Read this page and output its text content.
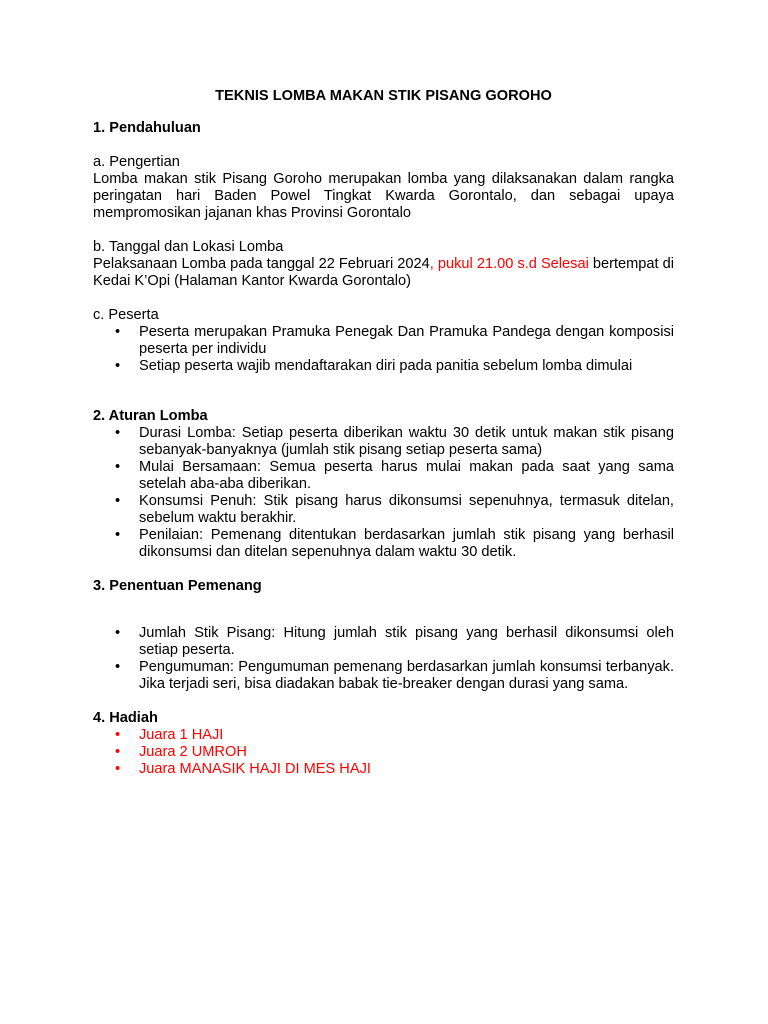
TEKNIS LOMBA MAKAN STIK PISANG GOROHO

1. Pendahuluan

a. Pengertian

Lomba makan stik Pisang Goroho merupakan lomba yang dilaksanakan dalam rangka peringatan hari Baden Powel Tingkat Kwarda Gorontalo, dan sebagai upaya mempromosikan jajanan khas Provinsi Gorontalo

b. Tanggal dan Lokasi Lomba

Pelaksanaan Lomba pada tanggal 22 Februari 2024, pukul 21.00 s.d Selesai bertempat di Kedai K’Opi (Halaman Kantor Kwarda Gorontalo)

c. Peserta

• Peserta merupakan Pramuka Penegak Dan Pramuka Pandega dengan komposisi peserta per individu
• Setiap peserta wajib mendaftarakan diri pada panitia sebelum lomba dimulai

2. Aturan Lomba

• Durasi Lomba: Setiap peserta diberikan waktu 30 detik untuk makan stik pisang sebanyak-banyaknya (jumlah stik pisang setiap peserta sama)
• Mulai Bersamaan: Semua peserta harus mulai makan pada saat yang sama setelah aba-aba diberikan.
• Konsumsi Penuh: Stik pisang harus dikonsumsi sepenuhnya, termasuk ditelan, sebelum waktu berakhir.
• Penilaian: Pemenang ditentukan berdasarkan jumlah stik pisang yang berhasil dikonsumsi dan ditelan sepenuhnya dalam waktu 30 detik.

3. Penentuan Pemenang

• Jumlah Stik Pisang: Hitung jumlah stik pisang yang berhasil dikonsumsi oleh setiap peserta.
• Pengumuman: Pengumuman pemenang berdasarkan jumlah konsumsi terbanyak. Jika terjadi seri, bisa diadakan babak tie-breaker dengan durasi yang sama.

4. Hadiah

• Juara 1 HAJI
• Juara 2 UMROH
• Juara MANASIK HAJI DI MES HAJI
